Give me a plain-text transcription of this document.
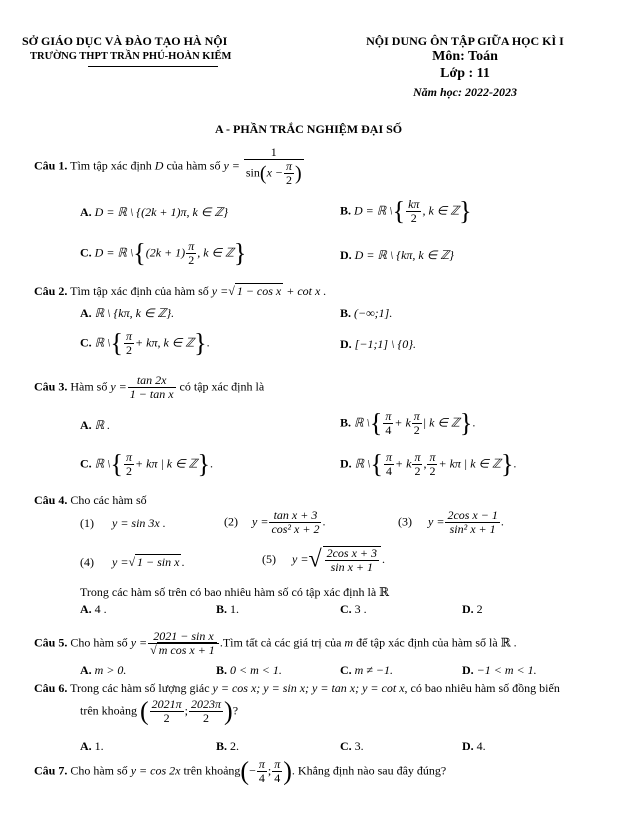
SỞ GIÁO DỤC VÀ ĐÀO TẠO HÀ NỘI
TRƯỜNG THPT TRẦN PHÚ-HOÀN KIẾM
NỘI DUNG ÔN TẬP GIỮA HỌC KÌ I
Môn: Toán
Lớp : 11
Năm học: 2022-2023
A - PHẦN TRẮC NGHIỆM ĐẠI SỐ
Câu 1. Tìm tập xác định D của hàm số $y = \frac{1}{\sin(x - \frac{\pi}{2} )}$
A. D = ℝ \ {(2k + 1)π, k ∈ ℤ}	B. D = ℝ \{ $\frac{k\pi}{2}$ , k ∈ ℤ}
C. D = ℝ \{(2k + $1) \frac{\pi}{2}$ , k ∈ ℤ}	D. D = ℝ \ {kπ, k ∈ ℤ}
Câu 2. Tìm tập xác định của hàm số y =√ 1 − cos x + cot x .
A. ℝ \ {kπ, k ∈ ℤ}.	B. (−∞;1].
C. ℝ \{ $\frac{\pi}{2} + k\pi$, k ∈ ℤ}.	D. [−1;1] \ {0}.
Câu 3. Hàm số $y = \frac{\tan 2x}{\text{1 − tan x}}$ có tập xác định là
A. ℝ .	B. ℝ \{ $\frac{\pi}{4} + k \frac{\pi}{2}$ | k ∈ ℤ}.
C. ℝ \{ $\frac{\pi}{2} + k\pi$ | k ∈ ℤ}.	D. ℝ \{ $\frac{\pi}{4} + k \frac{\pi}{2}$ , $\frac{\pi}{2} + k\pi$ | k ∈ ℤ}.
Câu 4. Cho các hàm số
(1) y = sin 3x .	(2) $y = \frac{\text{tan x + 3}}{\text{cos² x + 2}}$ .	(3) $y = \frac{\text{2cos x − 1}}{\text{sin² x + 1}}$ .
(4) y =√ 1 − sin x .	(5) y =√ $\frac{\text{2cos x + 3}}{\text{sin x + 1}}$ .
Trong các hàm số trên có bao nhiêu hàm số có tập xác định là ℝ
A. 4 .	B. 1.	C. 3 .	D. 2
Câu 5. Cho hàm số $y = \frac{\text{2021 − sin x}}{\text{√ m cos x + 1}}$ .Tìm tất cả các giá trị của m để tập xác định của hàm số là ℝ .
A. m > 0.	B. 0 < m < 1.	C. m ≠ −1.	D. −1 < m < 1.
Câu 6. Trong các hàm số lượng giác y = cos x; y = sin x; y = tan x; y = cot x, có bao nhiêu hàm số đồng biến
trên khoảng ( $\frac{2021\pi}{2}$ ; $\frac{2023\pi}{2}$ )?
A. 1.	B. 2.	C. 3.	D. 4.
Câu 7. Cho hàm số y = cos 2x trên khoảng(− $\frac{\pi}{4}$ ; $\frac{\pi}{4}$ ). Khẳng định nào sau đây đúng?
